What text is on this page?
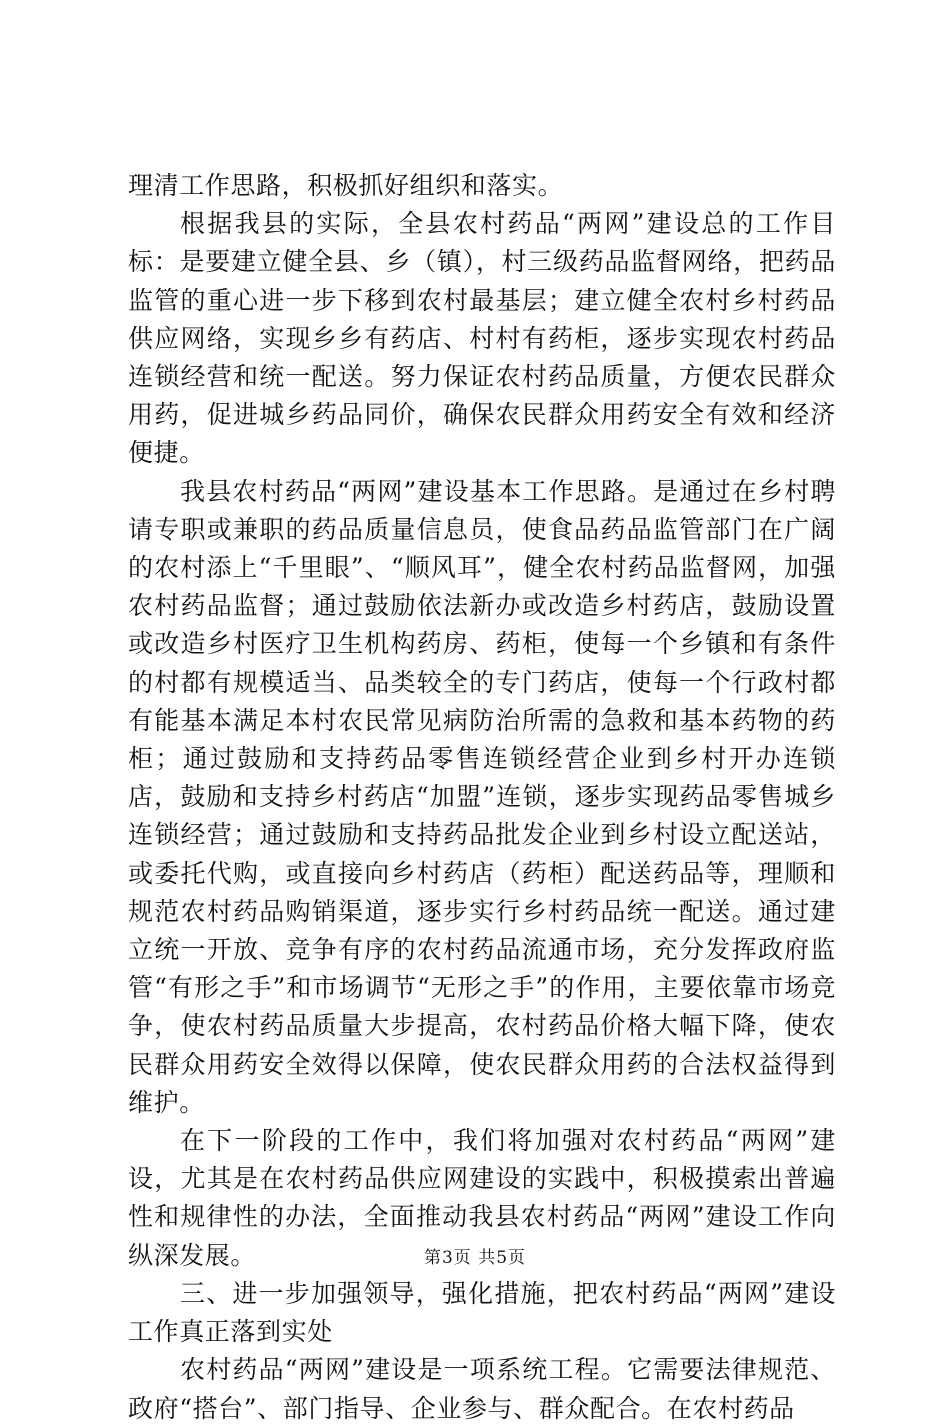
理清工作思路，积极抓好组织和落实。

根据我县的实际，全县农村药品“两网”建设总的工作目标：是要建立健全县、乡（镇），村三级药品监督网络，把药品监管的重心进一步下移到农村最基层；建立健全农村乡村药品供应网络，实现乡乡有药店、村村有药柜，逐步实现农村药品连锁经营和统一配送。努力保证农村药品质量，方便农民群众用药，促进城乡药品同价，确保农民群众用药安全有效和经济便捷。

我县农村药品“两网”建设基本工作思路。是通过在乡村聘请专职或兼职的药品质量信息员，使食品药品监管部门在广阔的农村添上“千里眼”、“顺风耳”，健全农村药品监督网，加强农村药品监督；通过鼓励依法新办或改造乡村药店，鼓励设置或改造乡村医疗卫生机构药房、药柜，使每一个乡镇和有条件的村都有规模适当、品类较全的专门药店，使每一个行政村都有能基本满足本村农民常见病防治所需的急救和基本药物的药柜；通过鼓励和支持药品零售连锁经营企业到乡村开办连锁店，鼓励和支持乡村药店“加盟”连锁，逐步实现药品零售城乡连锁经营；通过鼓励和支持药品批发企业到乡村设立配送站，或委托代购，或直接向乡村药店（药柜）配送药品等，理顺和规范农村药品购销渠道，逐步实行乡村药品统一配送。通过建立统一开放、竞争有序的农村药品流通市场，充分发挥政府监管“有形之手”和市场调节“无形之手”的作用，主要依靠市场竞争，使农村药品质量大步提高，农村药品价格大幅下降，使农民群众用药安全效得以保障，使农民群众用药的合法权益得到维护。

在下一阶段的工作中，我们将加强对农村药品“两网”建设，尤其是在农村药品供应网建设的实践中，积极摸索出普遍性和规律性的办法，全面推动我县农村药品“两网”建设工作向纵深发展。

三、进一步加强领导，强化措施，把农村药品“两网”建设工作真正落到实处

农村药品“两网”建设是一项系统工程。它需要法律规范、政府“搭台”、部门指导、企业参与、群众配合。在农村药品

第3页 共5页
